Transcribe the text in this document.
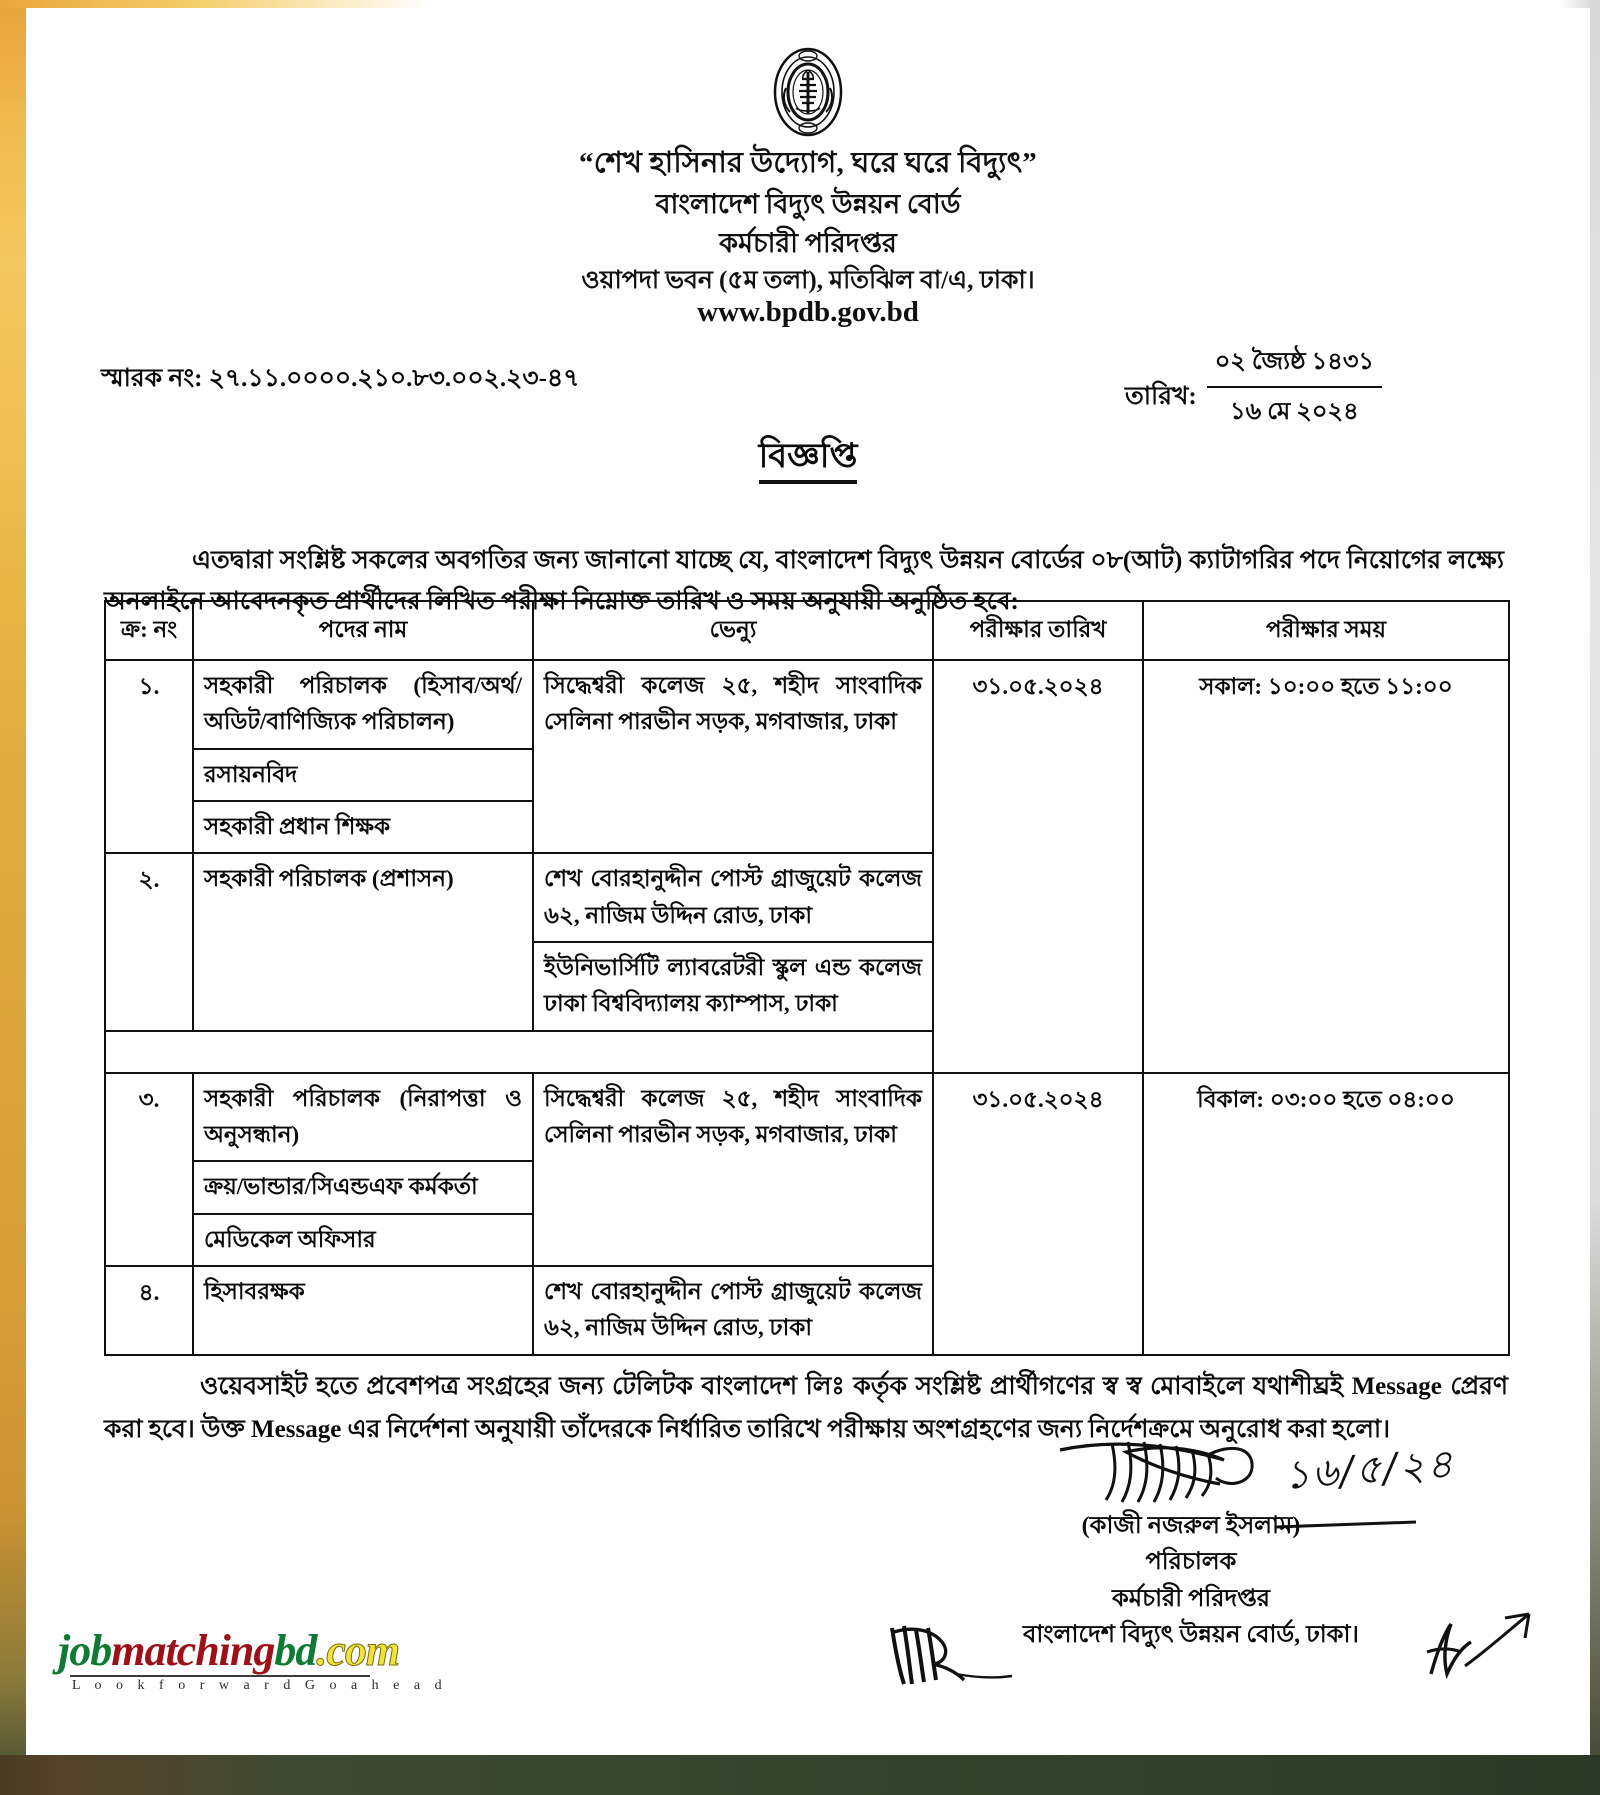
“শেখ হাসিনার উদ্যোগ, ঘরে ঘরে বিদ্যুৎ”
বাংলাদেশ বিদ্যুৎ উন্নয়ন বোর্ড
কর্মচারী পরিদপ্তর
ওয়াপদা ভবন (৫ম তলা), মতিঝিল বা/এ, ঢাকা।
www.bpdb.gov.bd
স্মারক নং: ২৭.১১.০০০০.২১০.৮৩.০০২.২৩-৪৭
তারিখ:
০২ জ্যৈষ্ঠ ১৪৩১
১৬ মে ২০২৪
বিজ্ঞপ্তি

এতদ্বারা সংশ্লিষ্ট সকলের অবগতির জন্য জানানো যাচ্ছে যে, বাংলাদেশ বিদ্যুৎ উন্নয়ন বোর্ডের ০৮(আট) ক্যাটাগরির পদে নিয়োগের লক্ষ্যে অনলাইনে আবেদনকৃত প্রার্থীদের লিখিত পরীক্ষা নিম্নোক্ত তারিখ ও সময় অনুযায়ী অনুষ্ঠিত হবে:

ক্র: নং	পদের নাম	ভেন্যু	পরীক্ষার তারিখ	পরীক্ষার সময়
১.	সহকারী পরিচালক (হিসাব/অর্থ/ অডিট/বাণিজ্যিক পরিচালন)	সিদ্ধেশ্বরী কলেজ ২৫, শহীদ সাংবাদিক সেলিনা পারভীন সড়ক, মগবাজার, ঢাকা	৩১.০৫.২০২৪	সকাল: ১০:০০ হতে ১১:০০
	রসায়নবিদ			
	সহকারী প্রধান শিক্ষক			
২.	সহকারী পরিচালক (প্রশাসন)	শেখ বোরহানুদ্দীন পোস্ট গ্রাজুয়েট কলেজ ৬২, নাজিম উদ্দিন রোড, ঢাকা		
		ইউনিভার্সিটি ল্যাবরেটরী স্কুল এন্ড কলেজ ঢাকা বিশ্ববিদ্যালয় ক্যাম্পাস, ঢাকা		

৩.	সহকারী পরিচালক (নিরাপত্তা ও অনুসন্ধান)	সিদ্ধেশ্বরী কলেজ ২৫, শহীদ সাংবাদিক সেলিনা পারভীন সড়ক, মগবাজার, ঢাকা	৩১.০৫.২০২৪	বিকাল: ০৩:০০ হতে ০৪:০০
	ক্রয়/ভান্ডার/সিএন্ডএফ কর্মকর্তা			
	মেডিকেল অফিসার			
৪.	হিসাবরক্ষক	শেখ বোরহানুদ্দীন পোস্ট গ্রাজুয়েট কলেজ ৬২, নাজিম উদ্দিন রোড, ঢাকা		

ওয়েবসাইট হতে প্রবেশপত্র সংগ্রহের জন্য টেলিটক বাংলাদেশ লিঃ কর্তৃক সংশ্লিষ্ট প্রার্থীগণের স্ব স্ব মোবাইলে যথাশীঘ্রই Message প্রেরণ করা হবে। উক্ত Message এর নির্দেশনা অনুযায়ী তাঁদেরকে নির্ধারিত তারিখে পরীক্ষায় অংশগ্রহণের জন্য নির্দেশক্রমে অনুরোধ করা হলো।

১৬/৫/২৪
(কাজী নজরুল ইসলাম)
পরিচালক
কর্মচারী পরিদপ্তর
বাংলাদেশ বিদ্যুৎ উন্নয়ন বোর্ড, ঢাকা।
jobmatchingbd.com
L o o k f o r w a r d G o a h e a d
